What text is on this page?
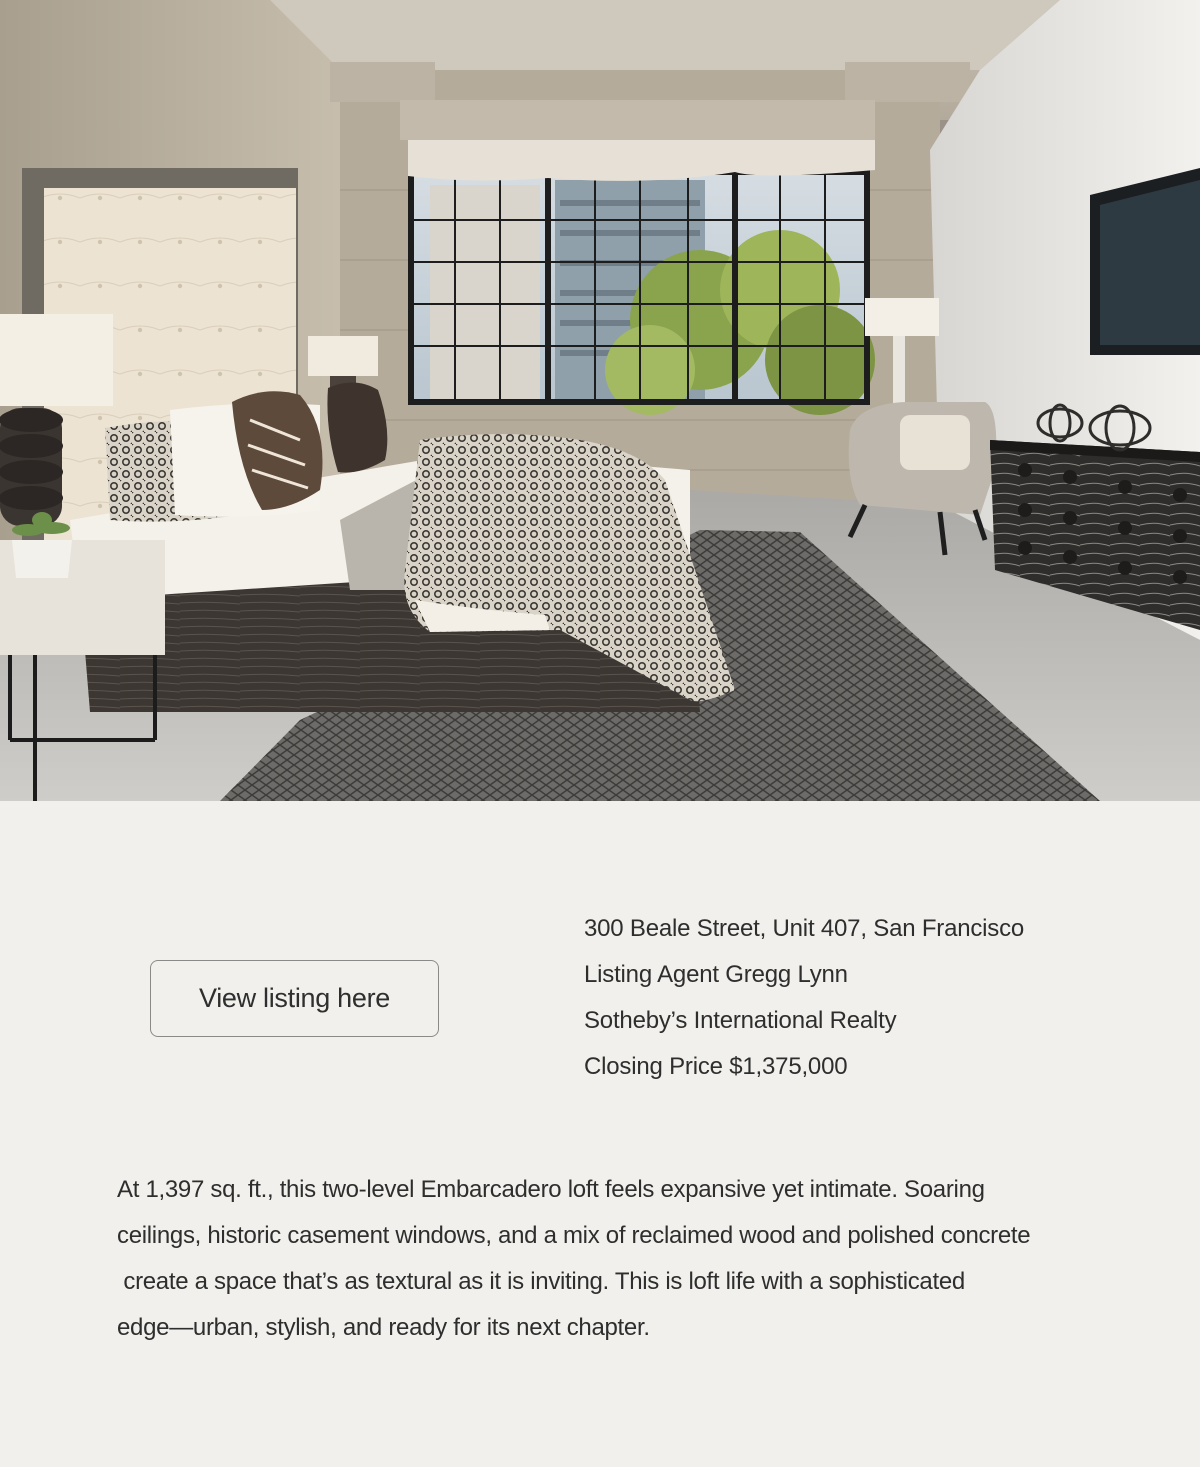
View listing here
300 Beale Street, Unit 407, San Francisco
Listing Agent Gregg Lynn
Sotheby’s International Realty
Closing Price $1,375,000
At 1,397 sq. ft., this two-level Embarcadero loft feels expansive yet intimate. Soaring
ceilings, historic casement windows, and a mix of reclaimed wood and polished concrete
create a space that’s as textural as it is inviting. This is loft life with a sophisticated
edge—urban, stylish, and ready for its next chapter.
